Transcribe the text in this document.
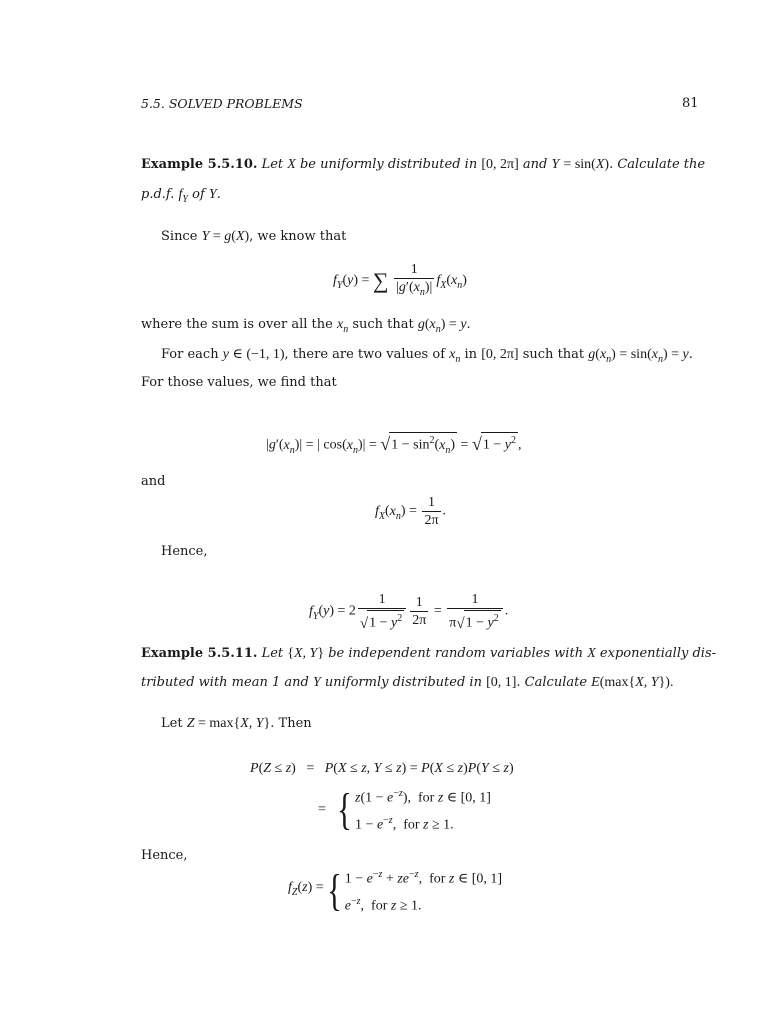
5.5. SOLVED PROBLEMS	81
Example 5.5.10. Let X be uniformly distributed in [0, 2π] and Y = sin(X). Calculate the
p.d.f. $f_Y$ of Y.
Since Y = g(X), we know that
$f_Y(y)$ = ∑ $\frac{1}{|g'(x_n)|} f_X(x_n)$
where the sum is over all the $x_n$ such that $g(x_n) = y$.
For each y ∈ (−1, 1), there are two values of $x_n$ in [0, 2π] such that $g(x_n) = \sin(x_n) = y$.
For those values, we find that
$|g'(x_n)|$ = | $\cos(x_n)| = √1 - \sin^2(x_n) = √1 - y^2$ ,
and
$f_X(x_n) = \frac{1}{2\pi}$ .
Hence,
$f_Y(y) = 2 \frac{1}{√1 - y^2} \frac{1}{2\pi} = \frac{1}{\pi√1 - y^2}$ .
Example 5.5.11. Let {X, Y} be independent random variables with X exponentially dis-
tributed with mean 1 and Y uniformly distributed in [0, 1]. Calculate E(max{X, Y}).
Let Z = max{X, Y}. Then
P(Z ≤ z)   =   P(X ≤ z, Y ≤ z) = P(X ≤ z)P(Y ≤ z)
= { $z(1 - e^{-z})$,  for z ∈ [0, 1]
$1 - e^{-z}$,  for z ≥ 1.
Hence,
$f_Z(z)$ ={ $1 - e^{-z} + ze^{-z}$,  for z ∈ [0, 1]
$e^{-z}$,  for z ≥ 1.
